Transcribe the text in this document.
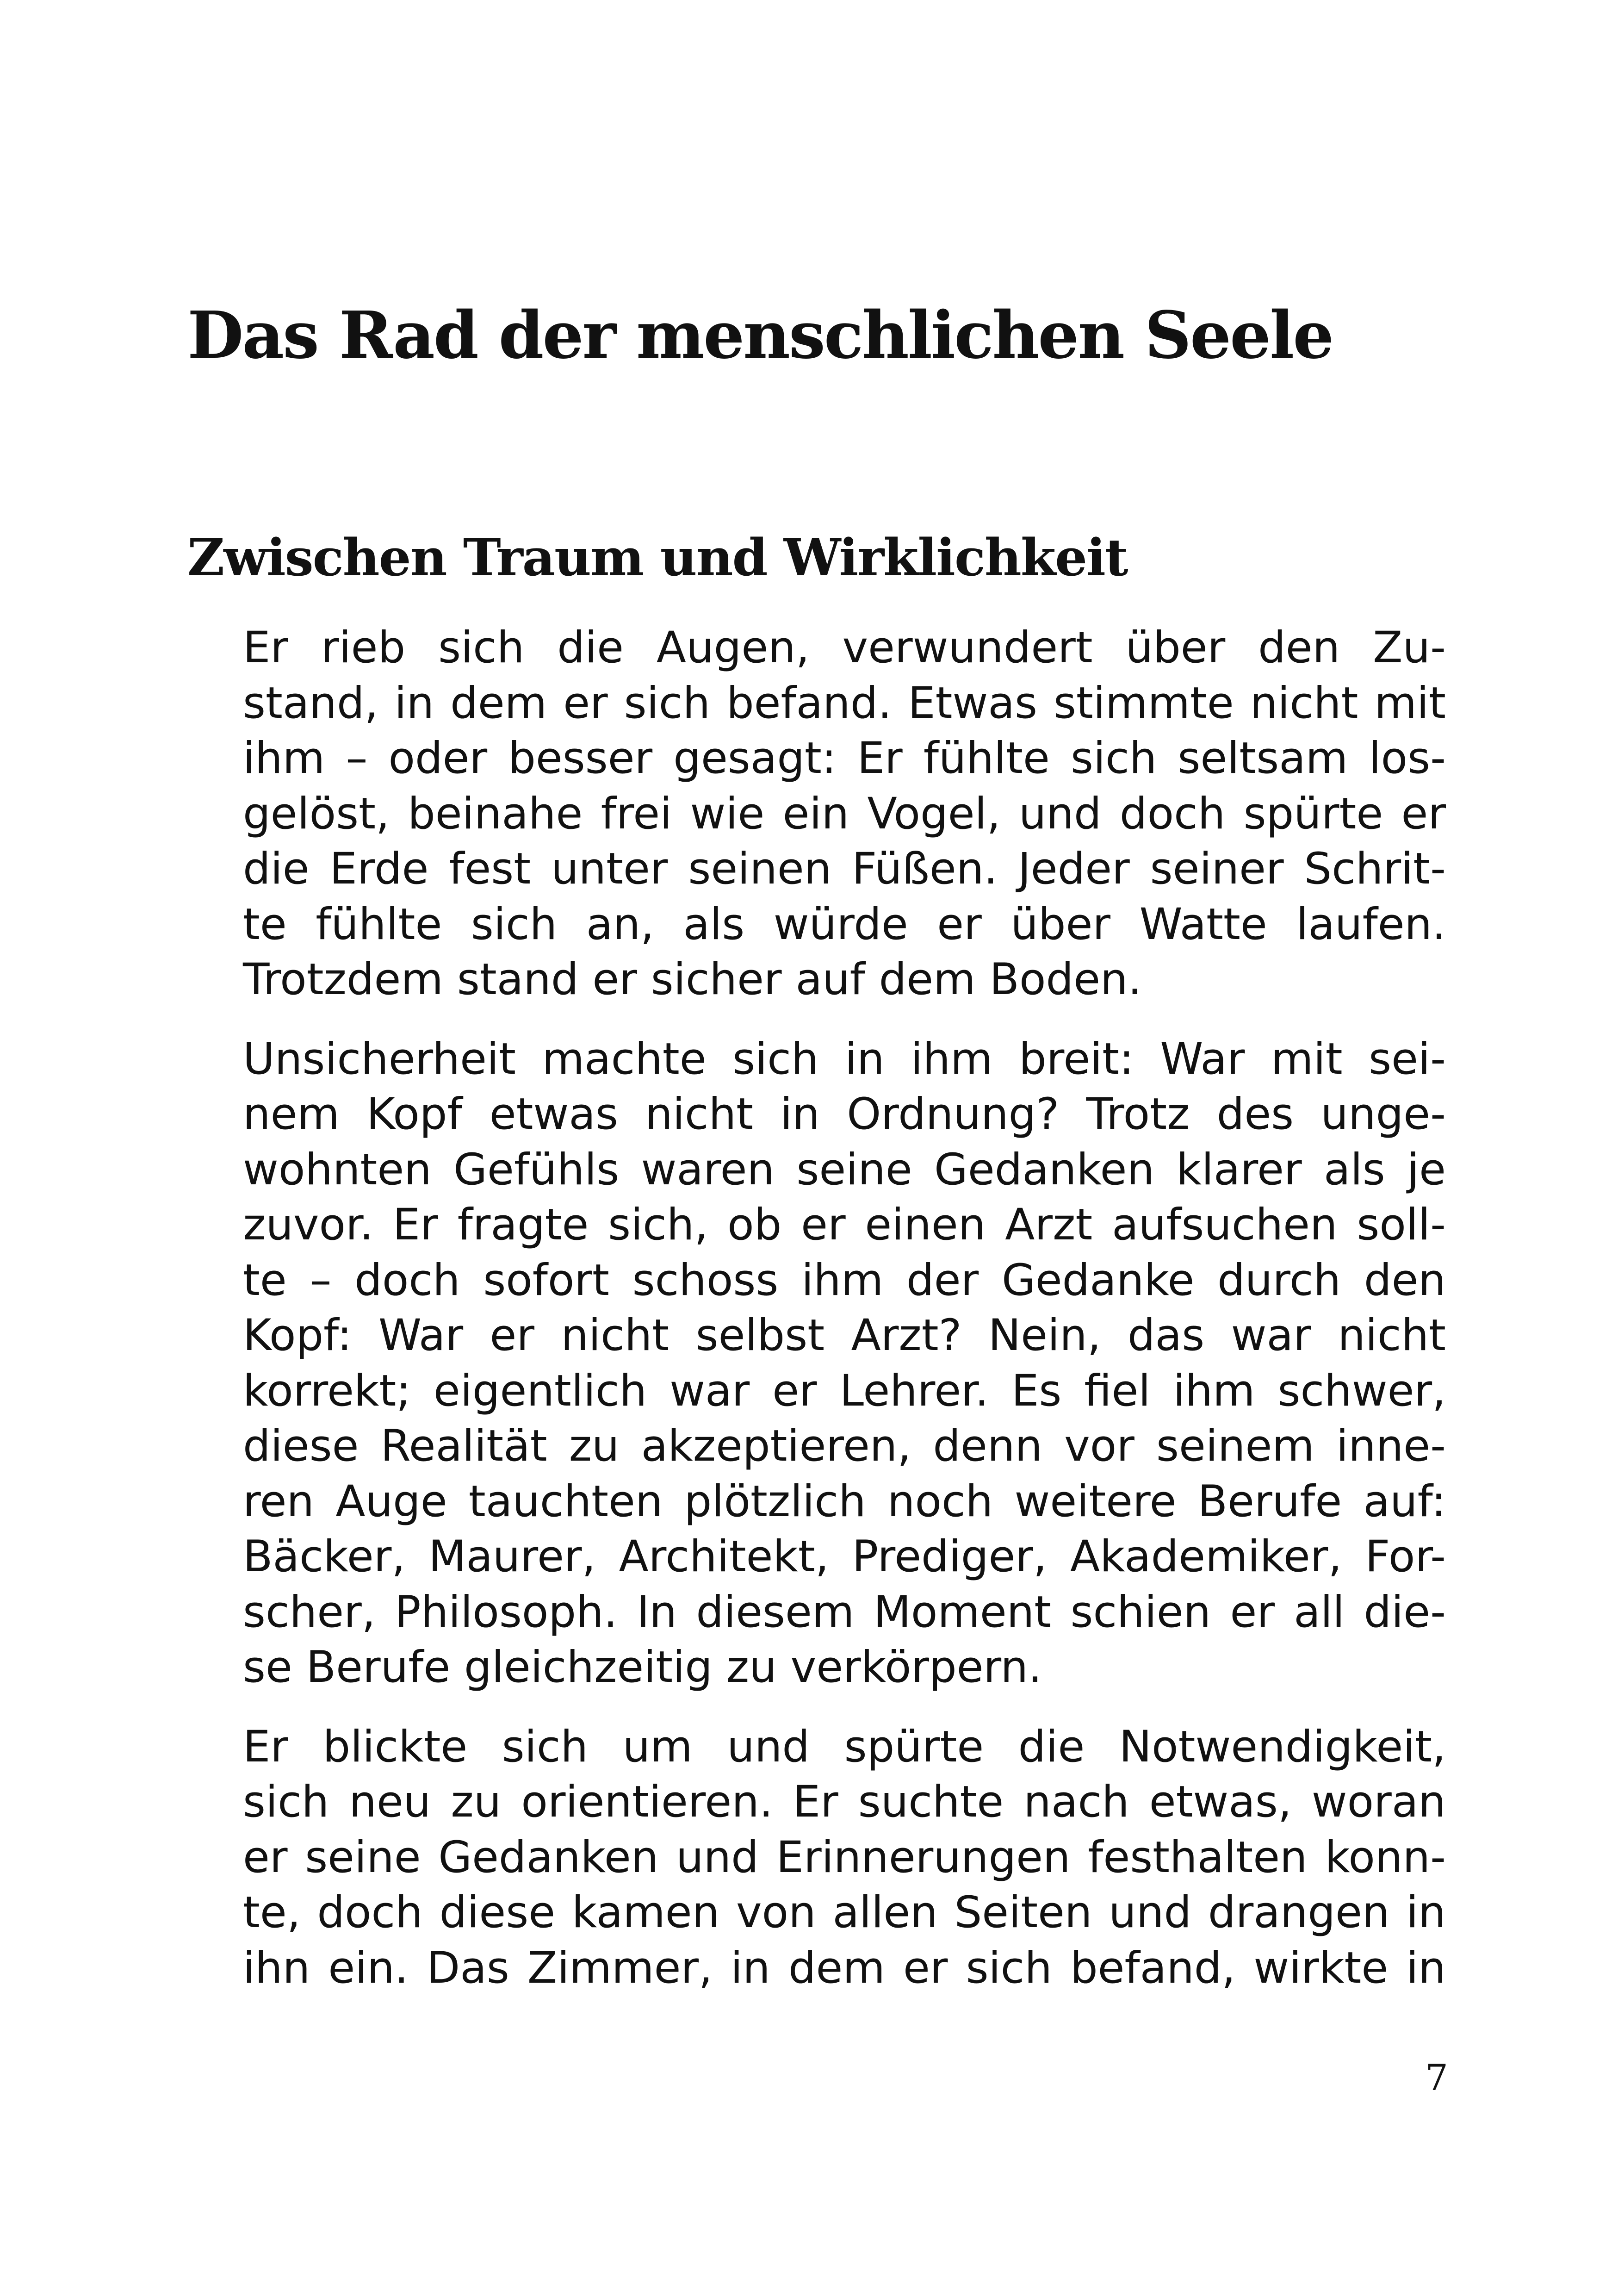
Das Rad der menschlichen Seele
Zwischen Traum und Wirklichkeit

Er rieb sich die Augen, verwundert über den Zu-
stand, in dem er sich befand. Etwas stimmte nicht mit
ihm – oder besser gesagt: Er fühlte sich seltsam los-
gelöst, beinahe frei wie ein Vogel, und doch spürte er
die Erde fest unter seinen Füßen. Jeder seiner Schrit-
te fühlte sich an, als würde er über Watte laufen.
Trotzdem stand er sicher auf dem Boden.

Unsicherheit machte sich in ihm breit: War mit sei-
nem Kopf etwas nicht in Ordnung? Trotz des unge-
wohnten Gefühls waren seine Gedanken klarer als je
zuvor. Er fragte sich, ob er einen Arzt aufsuchen soll-
te – doch sofort schoss ihm der Gedanke durch den
Kopf: War er nicht selbst Arzt? Nein, das war nicht
korrekt; eigentlich war er Lehrer. Es fiel ihm schwer,
diese Realität zu akzeptieren, denn vor seinem inne-
ren Auge tauchten plötzlich noch weitere Berufe auf:
Bäcker, Maurer, Architekt, Prediger, Akademiker, For-
scher, Philosoph. In diesem Moment schien er all die-
se Berufe gleichzeitig zu verkörpern.

Er blickte sich um und spürte die Notwendigkeit,
sich neu zu orientieren. Er suchte nach etwas, woran
er seine Gedanken und Erinnerungen festhalten konn-
te, doch diese kamen von allen Seiten und drangen in
ihn ein. Das Zimmer, in dem er sich befand, wirkte in

7
